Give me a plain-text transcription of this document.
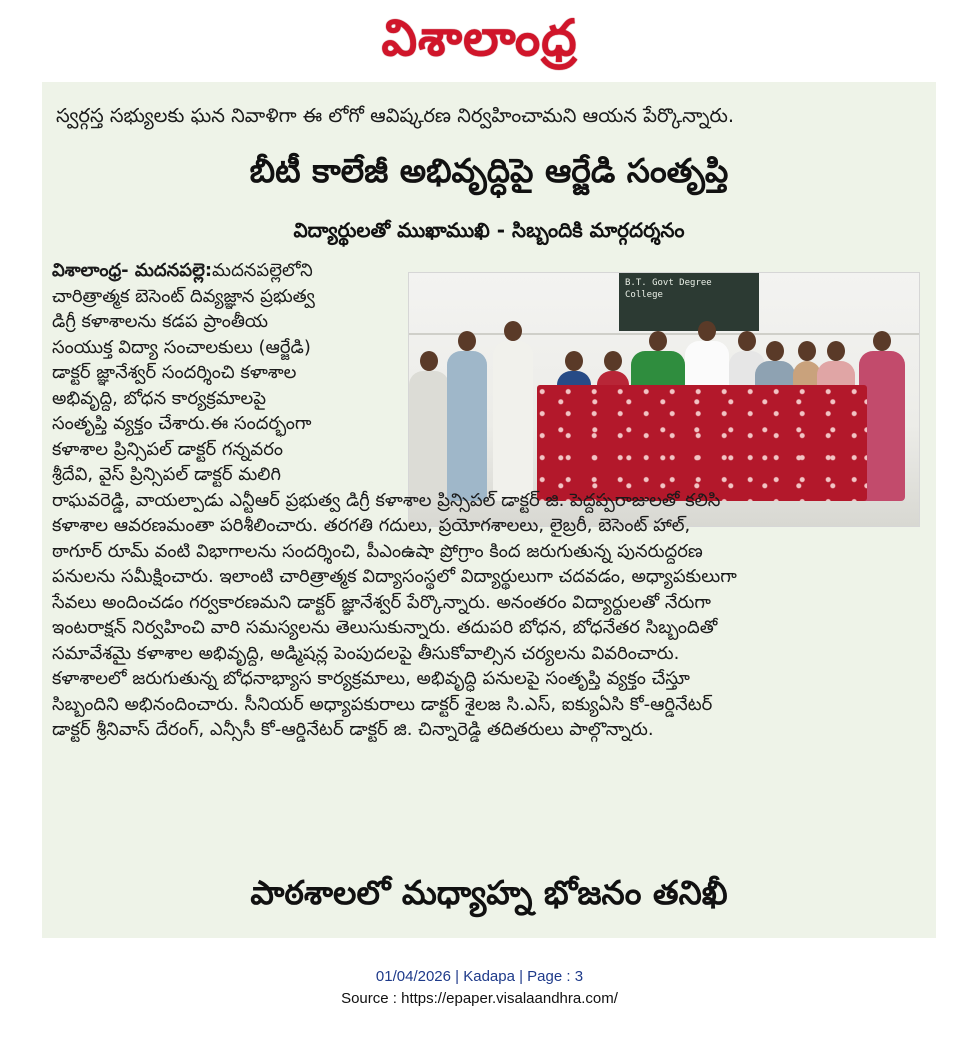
విశాలాంధ్ర
స్వర్గస్త సభ్యులకు ఘన నివాళిగా ఈ లోగో ఆవిష్కరణ నిర్వహించామని ఆయన పేర్కొన్నారు.
బీటీ కాలేజీ అభివృద్ధిపై ఆర్జేడి సంతృప్తి
విద్యార్థులతో ముఖాముఖి - సిబ్బందికి మార్గదర్శనం
B.T. Govt Degree College
విశాలాంధ్ర- మదనపల్లె:మదనపల్లెలోని
చారిత్రాత్మక బెసెంట్ దివ్యజ్ఞాన ప్రభుత్వ
డిగ్రీ కళాశాలను కడప ప్రాంతీయ
సంయుక్త విద్యా సంచాలకులు (ఆర్జేడి)
డాక్టర్ జ్ఞానేశ్వర్ సందర్శించి కళాశాల
అభివృద్ధి, బోధన కార్యక్రమాలపై
సంతృప్తి వ్యక్తం చేశారు.ఈ సందర్భంగా
కళాశాల ప్రిన్సిపల్ డాక్టర్ గన్నవరం
శ్రీదేవి, వైస్ ప్రిన్సిపల్ డాక్టర్ మలిగి
రాఘవరెడ్డి, వాయల్పాడు ఎన్టీఆర్ ప్రభుత్వ డిగ్రీ కళాశాల ప్రిన్సిపల్ డాక్టర్ జి. పెద్దప్పరాజులతో కలిసి
కళాశాల ఆవరణమంతా పరిశీలించారు. తరగతి గదులు, ప్రయోగశాలలు, లైబ్రరీ, బెసెంట్ హాల్,
ఠాగూర్ రూమ్ వంటి విభాగాలను సందర్శించి, పీఎంఉషా ప్రోగ్రాం కింద జరుగుతున్న పునరుద్ధరణ
పనులను సమీక్షించారు. ఇలాంటి చారిత్రాత్మక విద్యాసంస్థలో విద్యార్థులుగా చదవడం, అధ్యాపకులుగా
సేవలు అందించడం గర్వకారణమని డాక్టర్ జ్ఞానేశ్వర్ పేర్కొన్నారు. అనంతరం విద్యార్థులతో నేరుగా
ఇంటరాక్షన్ నిర్వహించి వారి సమస్యలను తెలుసుకున్నారు. తదుపరి బోధన, బోధనేతర సిబ్బందితో
సమావేశమై కళాశాల అభివృద్ధి, అడ్మిషన్ల పెంపుదలపై తీసుకోవాల్సిన చర్యలను వివరించారు.
కళాశాలలో జరుగుతున్న బోధనాభ్యాస కార్యక్రమాలు, అభివృద్ధి పనులపై సంతృప్తి వ్యక్తం చేస్తూ
సిబ్బందిని అభినందించారు. సీనియర్ అధ్యాపకురాలు డాక్టర్ శైలజ సి.ఎస్, ఐక్యుఏసి కో-ఆర్డినేటర్
డాక్టర్ శ్రీనివాస్ దేరంగ్, ఎన్సీసీ కో-ఆర్డినేటర్ డాక్టర్ జి. చిన్నారెడ్డి తదితరులు పాల్గొన్నారు.
పాఠశాలలో మధ్యాహ్న భోజనం తనిఖీ
01/04/2026 | Kadapa | Page : 3
Source : https://epaper.visalaandhra.com/
